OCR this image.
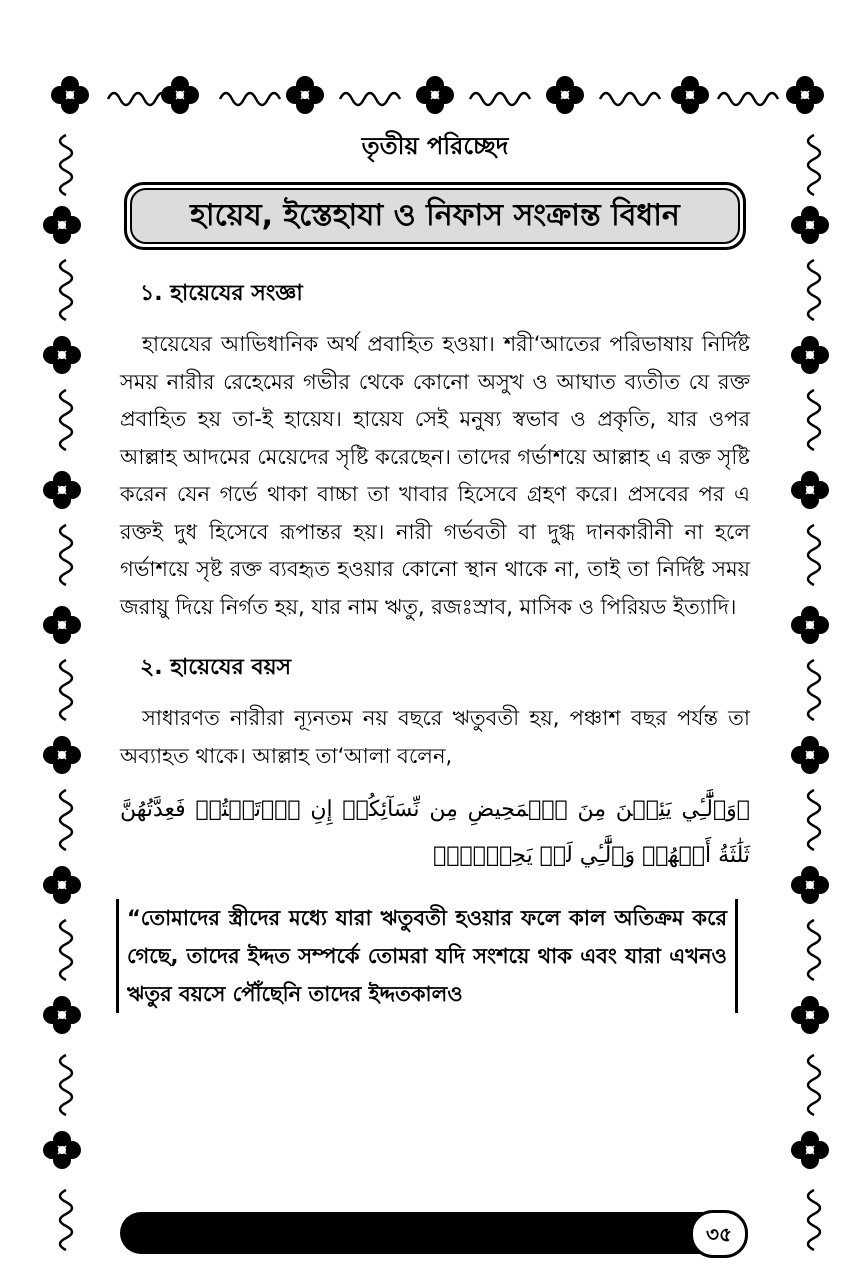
তৃতীয় পরিচ্ছেদ
হায়েয, ইস্তেহাযা ও নিফাস সংক্রান্ত বিধান
১. হায়েযের সংজ্ঞা

হায়েযের আভিধানিক অর্থ প্রবাহিত হওয়া। শরী‘আতের পরিভাষায় নির্দিষ্ট সময় নারীর রেহেমের গভীর থেকে কোনো অসুখ ও আঘাত ব্যতীত যে রক্ত প্রবাহিত হয় তা-ই হায়েয। হায়েয সেই মনুষ্য স্বভাব ও প্রকৃতি, যার ওপর আল্লাহ আদমের মেয়েদের সৃষ্টি করেছেন। তাদের গর্ভাশয়ে আল্লাহ এ রক্ত সৃষ্টি করেন যেন গর্ভে থাকা বাচ্চা তা খাবার হিসেবে গ্রহণ করে। প্রসবের পর এ রক্তই দুধ হিসেবে রূপান্তর হয়। নারী গর্ভবতী বা দুগ্ধ দানকারীনী না হলে গর্ভাশয়ে সৃষ্ট রক্ত ব্যবহৃত হওয়ার কোনো স্থান থাকে না, তাই তা নির্দিষ্ট সময় জরায়ু দিয়ে নির্গত হয়, যার নাম ঋতু, রজঃস্রাব, মাসিক ও পিরিয়ড ইত্যাদি।

২. হায়েযের বয়স

সাধারণত নারীরা ন্যূনতম নয় বছরে ঋতুবতী হয়, পঞ্চাশ বছর পর্যন্ত তা অব্যাহত থাকে। আল্লাহ তা‘আলা বলেন,

﴿وَٱلَّٰٓـِٔي يَئِسۡنَ مِنَ ٱلۡمَحِيضِ مِن نِّسَآئِكُمۡ إِنِ ٱرۡتَبۡتُمۡ فَعِدَّتُهُنَّ ثَلَٰثَةُ أَشۡهُرٖ وَٱلَّٰٓـِٔي لَمۡ يَحِضۡنَۚ﴾
“তোমাদের স্ত্রীদের মধ্যে যারা ঋতুবতী হওয়ার ফলে কাল অতিক্রম করে গেছে, তাদের ইদ্দত সম্পর্কে তোমরা যদি সংশয়ে থাক এবং যারা এখনও ঋতুর বয়সে পৌঁছেনি তাদের ইদ্দতকালও
৩৫
